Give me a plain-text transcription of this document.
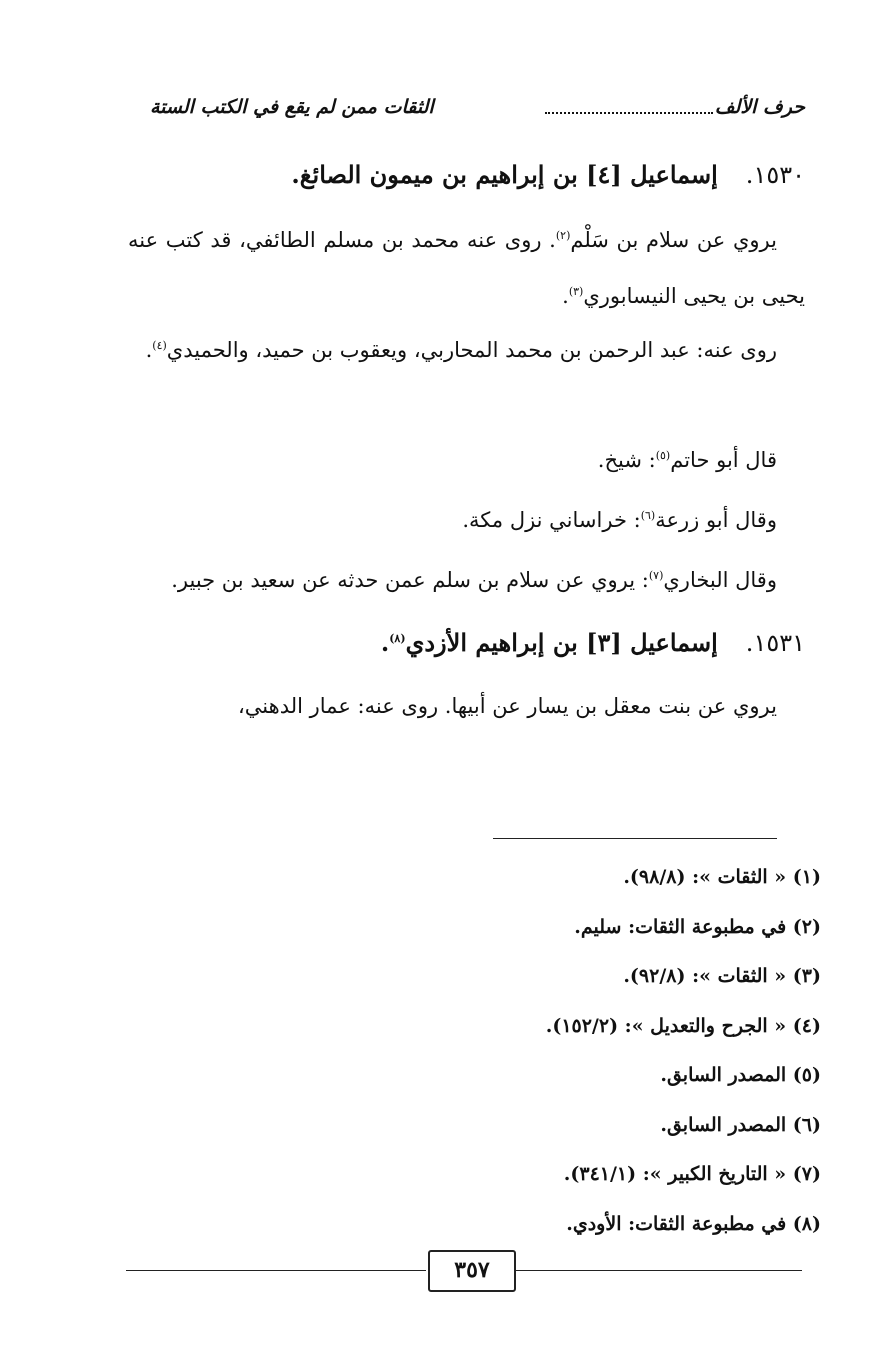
حرف الألف
الثقات ممن لم يقع في الكتب الستة
١٥٣٠.إسماعيل [٤] بن إبراهيم بن ميمون الصائغ.
يروي عن سلام بن سَلْم$^{(٢)}$. روى عنه محمد بن مسلم الطائفي، قد كتب عنه يحيى بن يحيى النيسابوري$^{(٣)}$.
روى عنه: عبد الرحمن بن محمد المحاربي، ويعقوب بن حميد، والحميدي$^{(٤)}$.
قال أبو حاتم$^{(٥)}$: شيخ.
وقال أبو زرعة$^{(٦)}$: خراساني نزل مكة.
وقال البخاري$^{(٧)}$: يروي عن سلام بن سلم عمن حدثه عن سعيد بن جبير.
١٥٣١.إسماعيل [٣] بن إبراهيم الأزدي$^{(٨)}$.
يروي عن بنت معقل بن يسار عن أبيها. روى عنه: عمار الدهني،
(١) « الثقات »: (٩٨/٨).
(٢) في مطبوعة الثقات: سليم.
(٣) « الثقات »: (٩٢/٨).
(٤) « الجرح والتعديل »: (١٥٢/٢).
(٥) المصدر السابق.
(٦) المصدر السابق.
(٧) « التاريخ الكبير »: (٣٤١/١).
(٨) في مطبوعة الثقات: الأودي.
٣٥٧
